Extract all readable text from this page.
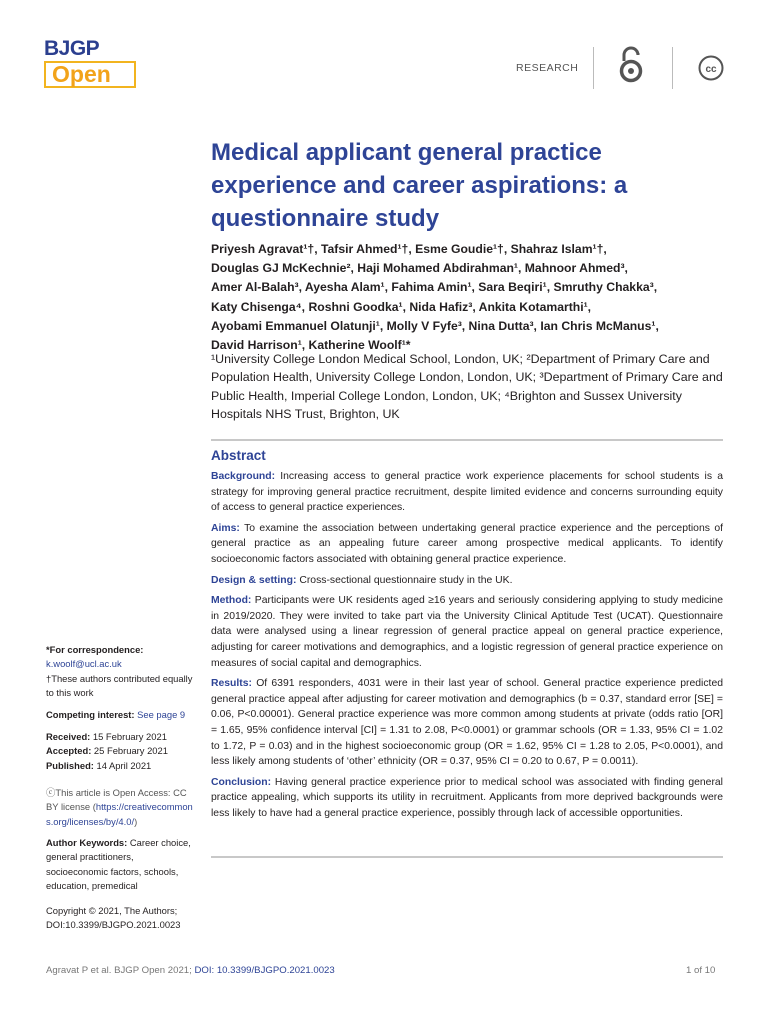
BJGP
Open	RESEARCH	cc
Medical applicant general practice experience and career aspirations: a questionnaire study
Priyesh Agravat¹†, Tafsir Ahmed¹†, Esme Goudie¹†, Shahraz Islam¹†,
Douglas GJ McKechnie², Haji Mohamed Abdirahman¹, Mahnoor Ahmed³,
Amer Al-Balah³, Ayesha Alam¹, Fahima Amin¹, Sara Beqiri¹, Smruthy Chakka³,
Katy Chisenga⁴, Roshni Goodka¹, Nida Hafiz³, Ankita Kotamarthi¹,
Ayobami Emmanuel Olatunji¹, Molly V Fyfe³, Nina Dutta³, Ian Chris McManus¹,
David Harrison¹, Katherine Woolf¹*
¹University College London Medical School, London, UK; ²Department of Primary Care and Population Health, University College London, London, UK; ³Department of Primary Care and Public Health, Imperial College London, London, UK; ⁴Brighton and Sussex University Hospitals NHS Trust, Brighton, UK
Abstract

Background: Increasing access to general practice work experience placements for school students is a strategy for improving general practice recruitment, despite limited evidence and concerns surrounding equity of access to general practice experiences.

Aims: To examine the association between undertaking general practice experience and the perceptions of general practice as an appealing future career among prospective medical applicants. To identify socioeconomic factors associated with obtaining general practice experience.

Design & setting: Cross-sectional questionnaire study in the UK.

Method: Participants were UK residents aged ≥16 years and seriously considering applying to study medicine in 2019/2020. They were invited to take part via the University Clinical Aptitude Test (UCAT). Questionnaire data were analysed using a linear regression of general practice appeal on general practice experience, adjusting for career motivations and demographics, and a logistic regression of general practice experience on measures of social capital and demographics.

Results: Of 6391 responders, 4031 were in their last year of school. General practice experience predicted general practice appeal after adjusting for career motivation and demographics (b = 0.37, standard error [SE] = 0.06, P<0.00001). General practice experience was more common among students at private (odds ratio [OR] = 1.65, 95% confidence interval [CI] = 1.31 to 2.08, P<0.0001) or grammar schools (OR = 1.33, 95% CI = 1.02 to 1.72, P = 0.03) and in the highest socioeconomic group (OR = 1.62, 95% CI = 1.28 to 2.05, P<0.0001), and less likely among students of ‘other’ ethnicity (OR = 0.37, 95% CI = 0.20 to 0.67, P = 0.0011).

Conclusion: Having general practice experience prior to medical school was associated with finding general practice appealing, which supports its utility in recruitment. Applicants from more deprived backgrounds were less likely to have had a general practice experience, possibly through lack of accessible opportunities.

*For correspondence: k.woolf@ucl.ac.uk
†These authors contributed equally to this work
Competing interest: See page 9
Received: 15 February 2021
Accepted: 25 February 2021
Published: 14 April 2021
ⓒThis article is Open Access: CC BY license (https://creativecommons.org/licenses/by/4.0/)
Author Keywords: Career choice, general practitioners, socioeconomic factors, schools, education, premedical
Copyright © 2021, The Authors;
DOI:10.3399/BJGPO.2021.0023
Agravat P et al. BJGP Open 2021; DOI: 10.3399/BJGPO.2021.0023	1 of 10
